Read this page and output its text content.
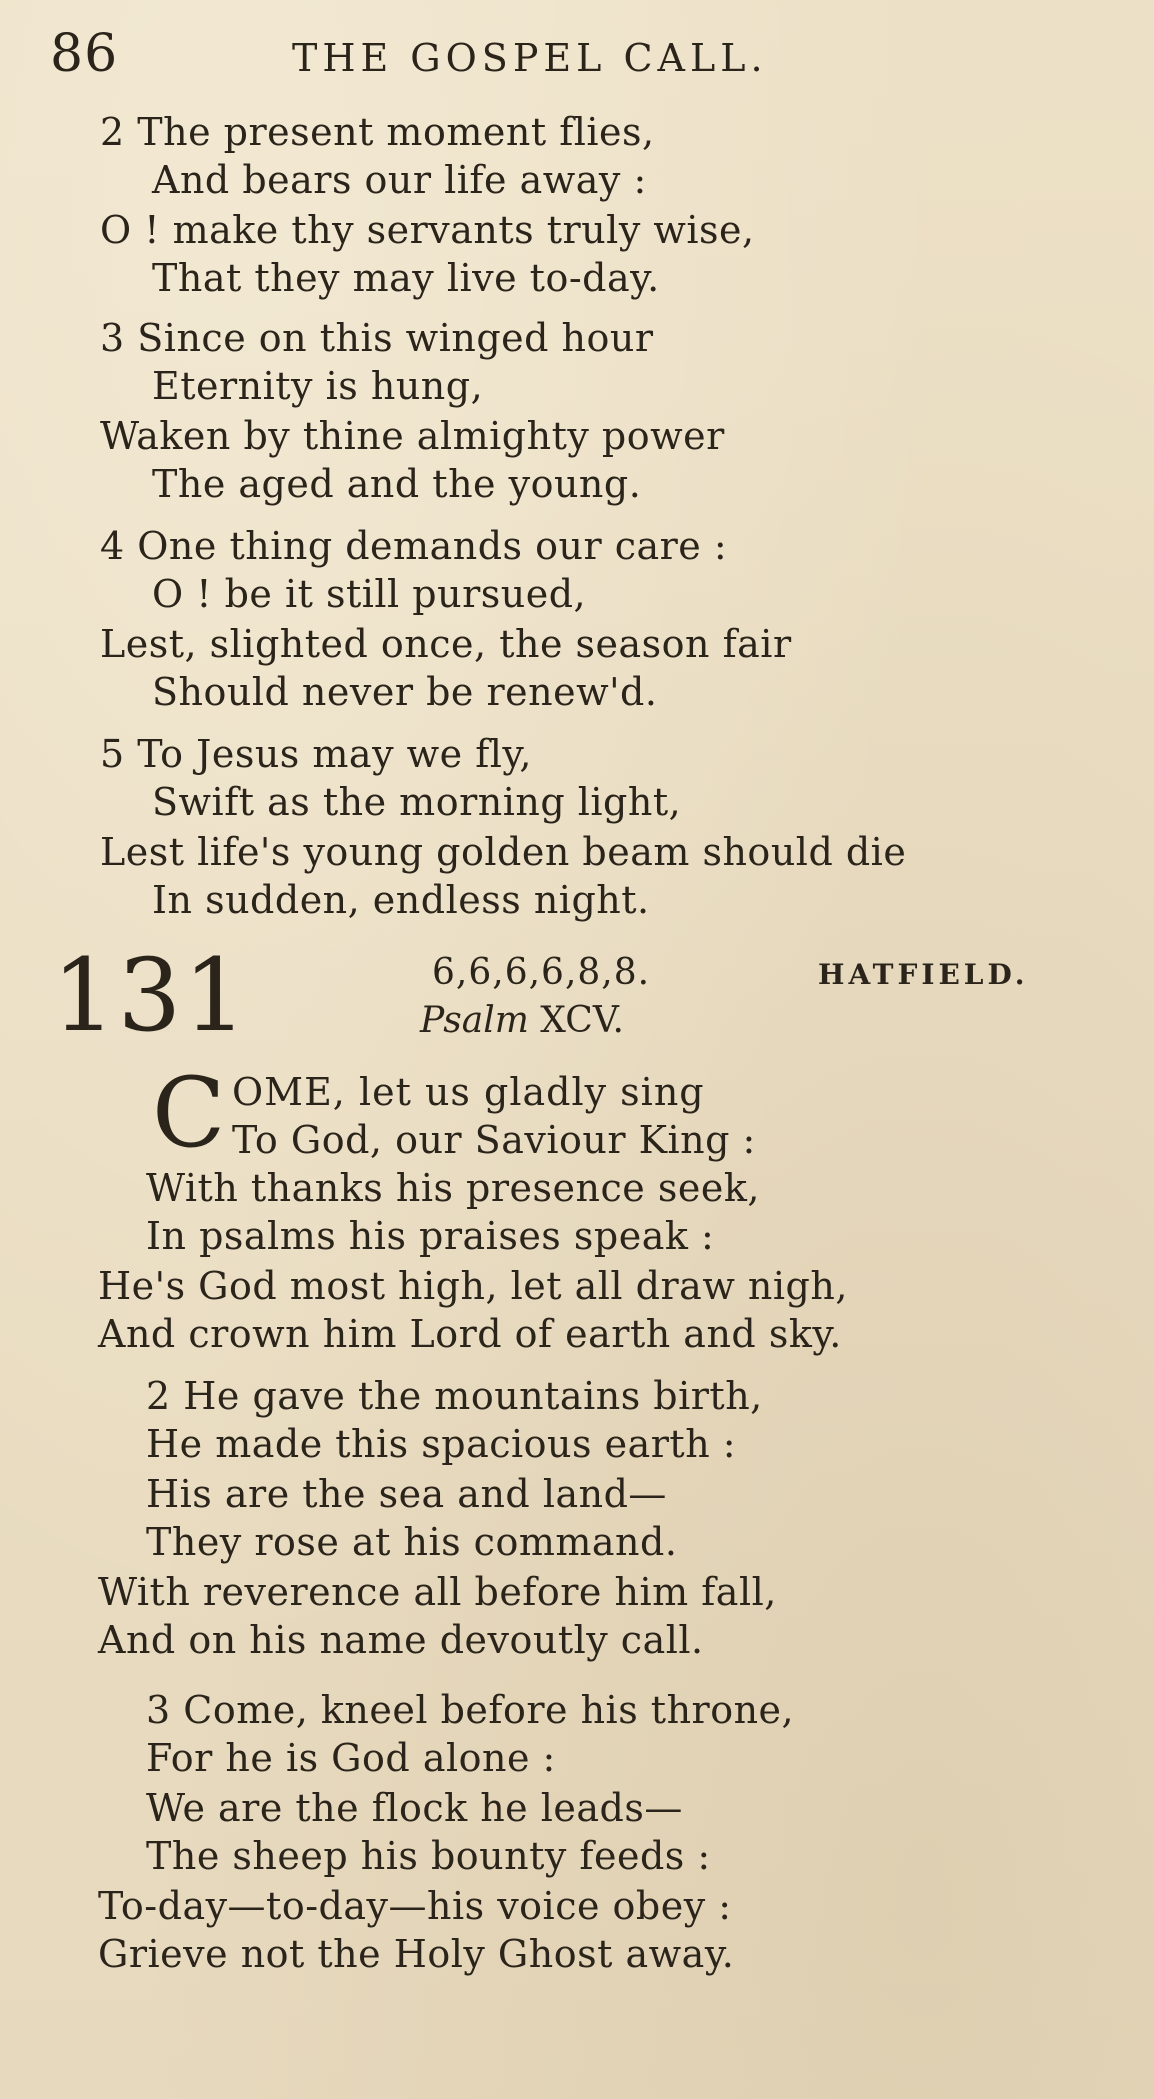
86	THE GOSPEL CALL.
2 The present moment flies,
And bears our life away :
O ! make thy servants truly wise,
That they may live to-day.
3 Since on this winged hour
Eternity is hung,
Waken by thine almighty power
The aged and the young.
4 One thing demands our care :
O ! be it still pursued,
Lest, slighted once, the season fair
Should never be renew'd.
5 To Jesus may we fly,
Swift as the morning light,
Lest life's young golden beam should die
In sudden, endless night.
131	6,6,6,6,8,8.	HATFIELD.
Psalm XCV.
C OME, let us gladly sing
To God, our Saviour King :
With thanks his presence seek,
In psalms his praises speak :
He's God most high, let all draw nigh,
And crown him Lord of earth and sky.
2 He gave the mountains birth,
He made this spacious earth :
His are the sea and land—
They rose at his command.
With reverence all before him fall,
And on his name devoutly call.
3 Come, kneel before his throne,
For he is God alone :
We are the flock he leads—
The sheep his bounty feeds :
To-day—to-day—his voice obey :
Grieve not the Holy Ghost away.
